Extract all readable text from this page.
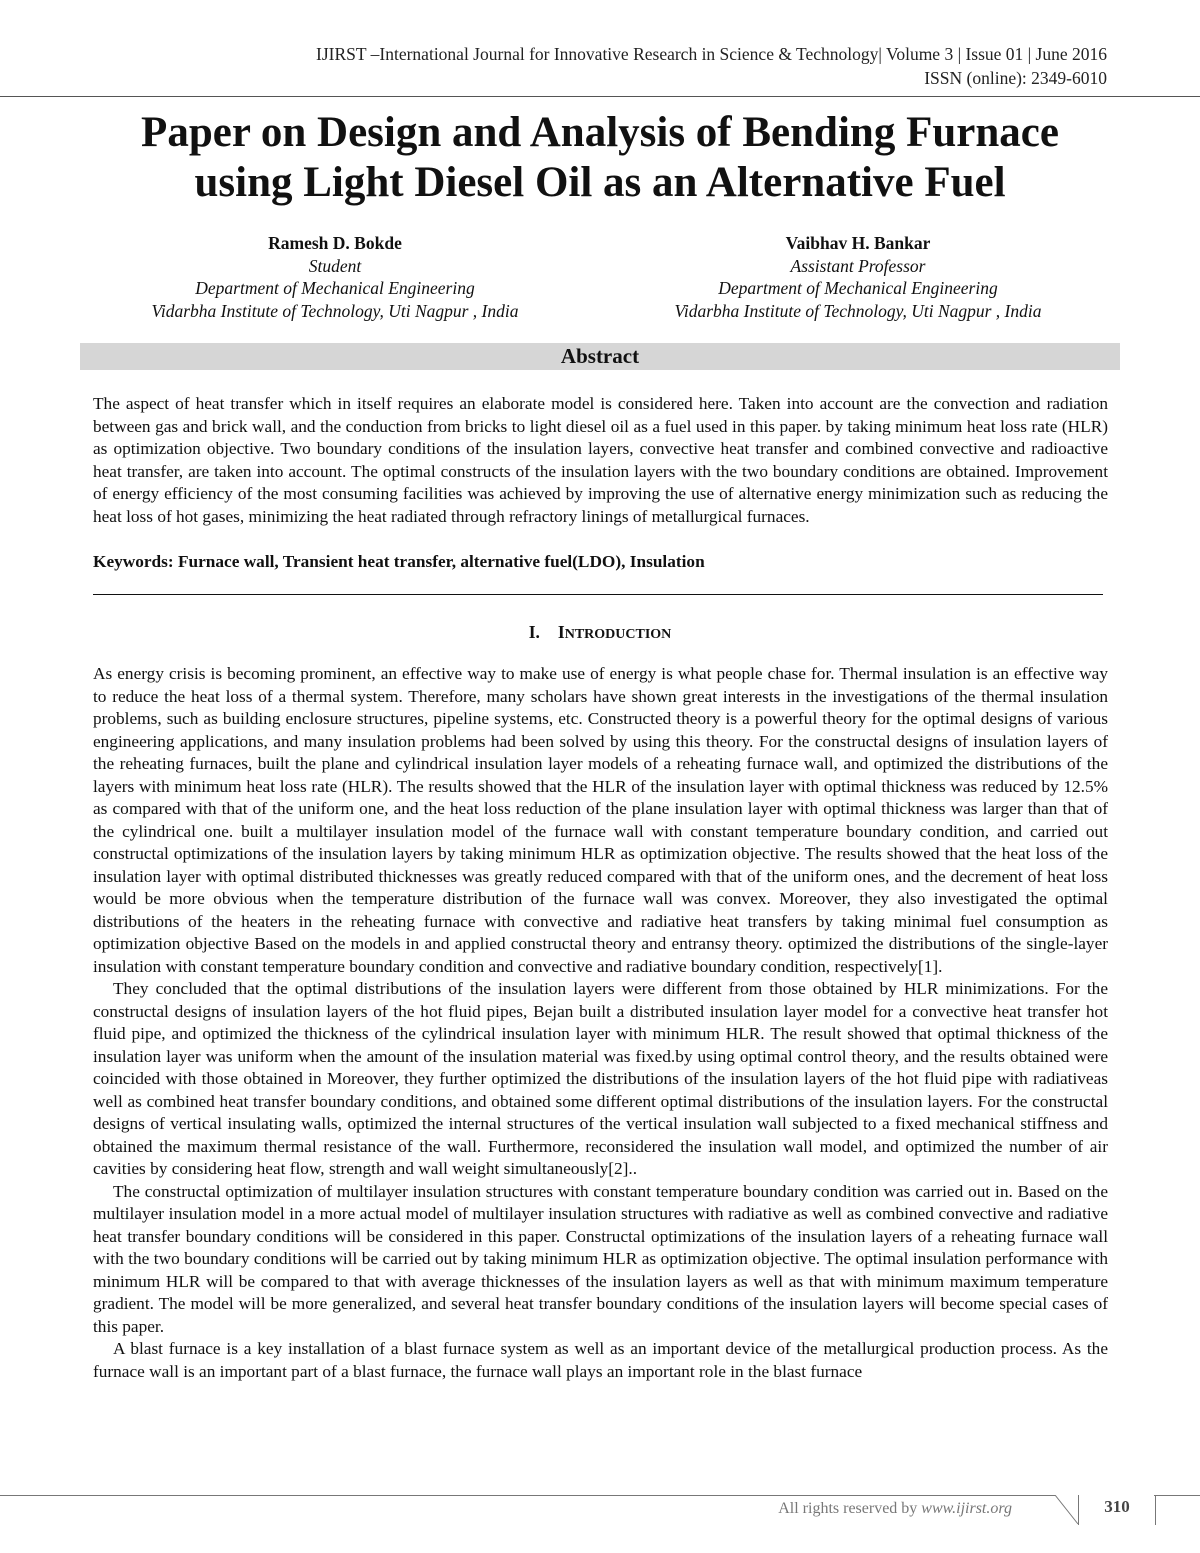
IJIRST –International Journal for Innovative Research in Science & Technology| Volume 3 | Issue 01 | June 2016
ISSN (online): 2349-6010
Paper on Design and Analysis of Bending Furnace
using Light Diesel Oil as an Alternative Fuel
Ramesh D. Bokde
Student
Department of Mechanical Engineering
Vidarbha Institute of Technology, Uti Nagpur , India
Vaibhav H. Bankar
Assistant Professor
Department of Mechanical Engineering
Vidarbha Institute of Technology, Uti Nagpur , India
Abstract

The aspect of heat transfer which in itself requires an elaborate model is considered here. Taken into account are the convection and radiation between gas and brick wall, and the conduction from bricks to light diesel oil as a fuel used in this paper. by taking minimum heat loss rate (HLR) as optimization objective. Two boundary conditions of the insulation layers, convective heat transfer and combined convective and radioactive heat transfer, are taken into account. The optimal constructs of the insulation layers with the two boundary conditions are obtained. Improvement of energy efficiency of the most consuming facilities was achieved by improving the use of alternative energy minimization such as reducing the heat loss of hot gases, minimizing the heat radiated through refractory linings of metallurgical furnaces.

Keywords: Furnace wall, Transient heat transfer, alternative fuel(LDO), Insulation
I. INTRODUCTION

As energy crisis is becoming prominent, an effective way to make use of energy is what people chase for. Thermal insulation is an effective way to reduce the heat loss of a thermal system. Therefore, many scholars have shown great interests in the investigations of the thermal insulation problems, such as building enclosure structures, pipeline systems, etc. Constructed theory is a powerful theory for the optimal designs of various engineering applications, and many insulation problems had been solved by using this theory. For the constructal designs of insulation layers of the reheating furnaces, built the plane and cylindrical insulation layer models of a reheating furnace wall, and optimized the distributions of the layers with minimum heat loss rate (HLR). The results showed that the HLR of the insulation layer with optimal thickness was reduced by 12.5% as compared with that of the uniform one, and the heat loss reduction of the plane insulation layer with optimal thickness was larger than that of the cylindrical one. built a multilayer insulation model of the furnace wall with constant temperature boundary condition, and carried out constructal optimizations of the insulation layers by taking minimum HLR as optimization objective. The results showed that the heat loss of the insulation layer with optimal distributed thicknesses was greatly reduced compared with that of the uniform ones, and the decrement of heat loss would be more obvious when the temperature distribution of the furnace wall was convex. Moreover, they also investigated the optimal distributions of the heaters in the reheating furnace with convective and radiative heat transfers by taking minimal fuel consumption as optimization objective Based on the models in and applied constructal theory and entransy theory. optimized the distributions of the single-layer insulation with constant temperature boundary condition and convective and radiative boundary condition, respectively[1].

They concluded that the optimal distributions of the insulation layers were different from those obtained by HLR minimizations. For the constructal designs of insulation layers of the hot fluid pipes, Bejan built a distributed insulation layer model for a convective heat transfer hot fluid pipe, and optimized the thickness of the cylindrical insulation layer with minimum HLR. The result showed that optimal thickness of the insulation layer was uniform when the amount of the insulation material was fixed.by using optimal control theory, and the results obtained were coincided with those obtained in Moreover, they further optimized the distributions of the insulation layers of the hot fluid pipe with radiativeas well as combined heat transfer boundary conditions, and obtained some different optimal distributions of the insulation layers. For the constructal designs of vertical insulating walls, optimized the internal structures of the vertical insulation wall subjected to a fixed mechanical stiffness and obtained the maximum thermal resistance of the wall. Furthermore, reconsidered the insulation wall model, and optimized the number of air cavities by considering heat flow, strength and wall weight simultaneously[2]..

The constructal optimization of multilayer insulation structures with constant temperature boundary condition was carried out in. Based on the multilayer insulation model in a more actual model of multilayer insulation structures with radiative as well as combined convective and radiative heat transfer boundary conditions will be considered in this paper. Constructal optimizations of the insulation layers of a reheating furnace wall with the two boundary conditions will be carried out by taking minimum HLR as optimization objective. The optimal insulation performance with minimum HLR will be compared to that with average thicknesses of the insulation layers as well as that with minimum maximum temperature gradient. The model will be more generalized, and several heat transfer boundary conditions of the insulation layers will become special cases of this paper.

A blast furnace is a key installation of a blast furnace system as well as an important device of the metallurgical production process. As the furnace wall is an important part of a blast furnace, the furnace wall plays an important role in the blast furnace

All rights reserved by www.ijirst.org	310
